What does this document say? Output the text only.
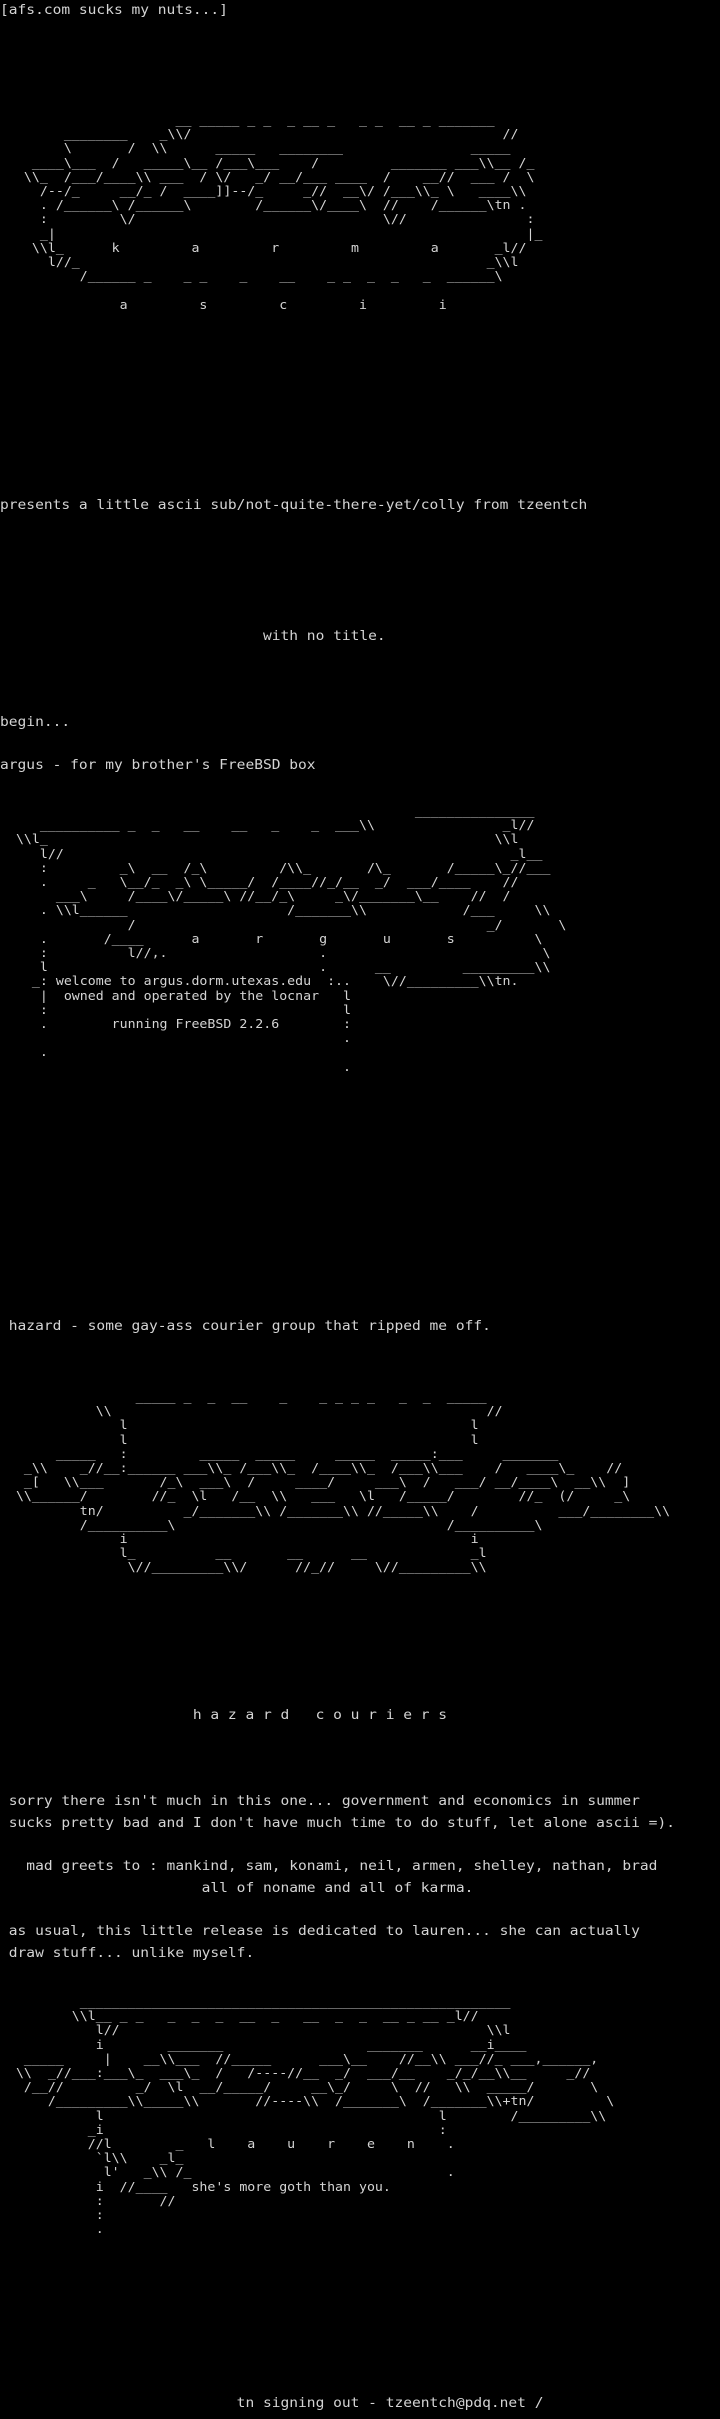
[afs.com sucks my nuts...]
__ _____ _ _  _ __ _   _ _  __ _ _______
________    _\\/                                       //
\       /  \\      _____   ________                _____
____\___  /   _____\__ /___\___    /         _______ ___\\__ /_
\\_  /___/____\\ ___  / \/   _/ __/___ ____  /    __//  ___ /  \
/--/_     __/_ /  ____]]--/_     _//  __\/ /___\\_ \   ____\\
. /______\ /______\        /______\/____\  //    /______\tn .
:         \/                               \//               :
_|                                                           |_
\\l_      k         a         r         m         a       _l//
l//_                                                   _\\l
/______ _    _ _    _    __    _ _  _  _   _  ______\

a         s         c         i         i
presents a little ascii sub/not-quite-there-yet/colly from tzeentch
with no title.
begin...
argus - for my brother's FreeBSD box
_______________
__________ _  _   __    __   _    _  ___\\                _l//
\\l_                                                        \\l
l//                                                        _l__
:         _\  __  /_\         /\\_       /\_       /_____\_//___
.     _   \__/_  _\ \_____/  /____//_/__  _/  ___/____    //
___\     /____\/_____\ //__/_\     _\/_______\__    //  /
. \\l______                    /_______\\            /___     \\
/                                            _/       \
.       /____      a       r       g       u       s          \
:          l//,.                   .                           \
l                                  .      __         _________\\
_: welcome to argus.dorm.utexas.edu  :..    \//_________\\tn.
|  owned and operated by the locnar   l
:                                     l
.        running FreeBSD 2.2.6        :
.
.
.
hazard - some gay-ass courier group that ripped me off.
_____ _  _  __    _    _ _ _ _   _  _  _____
\\                                               //
l                                           l
l                                           l
_____   :         _____  _____     _____  _____:___     _______
_\\    _//__:______ ___\\_ /___\\_  /____\\_  /___\\___    /   ____\_    //
_[   \\___       /_\  ___\  /     ____/     ___\  /   ___/ __/____\  __\\  ]
\\______/        //_  \l   /__  \\   ___   \l   /_____/        //_  (/     _\
tn/          _/_______\\ /_______\\ //_____\\    /          ___/________\\
/__________\                                  /__________\
i                                           i
l_          __       __      __             _l
\//_________\\/      //_//     \//_________\\
h a z a r d   c o u r i e r s
sorry there isn't much in this one... government and economics in summer
sucks pretty bad and I don't have much time to do stuff, let alone ascii =).
mad greets to : mankind, sam, konami, neil, armen, shelley, nathan, brad
all of noname and all of karma.
as usual, this little release is dedicated to lauren... she can actually
draw stuff... unlike myself.
______________________________________________________
\\l__ _ _   _  _  _  __  _   __  _  _  __ _ __ _l//
l//                                              \\l
i        _______                  _______      __i____
_____     |    __\\___  //_____      ___\__    //__\\ ___//_ ___,______,
\\  _//___:___\_  ___\_  /   /----//__  _/  ___/__    _/_/__\\__     _//
/__//         _/  \l  __/_____/     __\_/     \  //   \\  _____/       \
/_________\\_____\\       //----\\  /_______\  /_______\\+tn/         \
l                                          l        /_________\\
_i                                          :
//l        _   l    a    u    r    e    n    .
`l\\    _l_
l'   _\\ /_                                .
i  //____   she's more goth than you.
:       //
:
.
tn signing out - tzeentch@pdq.net /
